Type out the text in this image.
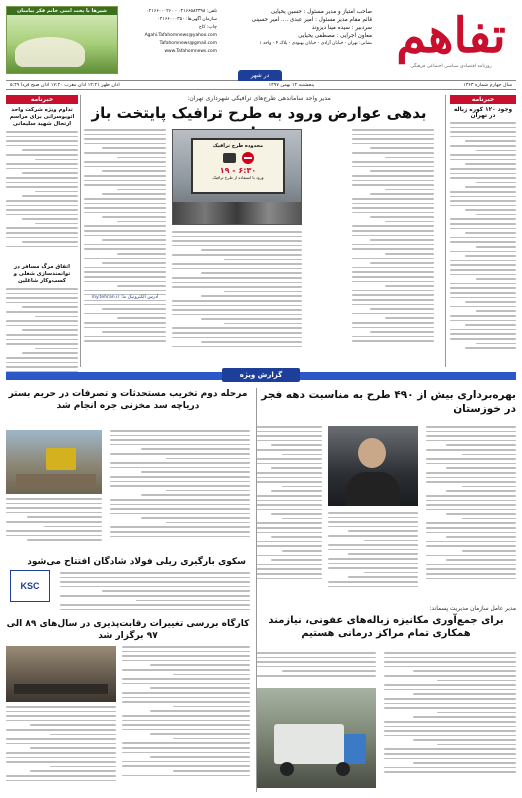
تفاهم
روزنامه اقتصادی سیاسی اجتماعی فرهنگی
صاحب امتیاز و مدیر مسئول : حسین یحیایی
قائم مقام مدیر مسئول : امیر عبدی .... امیر حسینی
سردبیر : سیده مینا دیزوند
معاون اجرایی : مصطفی یحیایی
نشانی: تهران - خیابان آزادی - خیابان بهبودی - پلاک ۴ - واحد ۱
تلفن: ۰۲۱۶۶۵۸۲۳۹۸ - ۰۲۱۶۶۰۰۰۲۶۰
سازمان آگهی‌ها: ۰۲۱۶۶۰۰۰۳۵۰
چاپ: کاج
Agahi.Tafahomnews@yahoo.com
Tafahomnews@gmail.com
www.Tafahomnews.com
شیرها با پخت امنی خانم فکر پیامتان
سال چهارم شماره ۱۳۶۳
پنجشنبه ۱۲ بهمن ۱۳۹۷
اذان ظهر ۱۲:۲۱ اذان مغرب ۱۷:۴۰ اذان صبح فردا ۵:۴۹
در شهر
خبرنامه
وجود ۱۲۰ کوره زباله در تهران
خبرنامه
تداوم ویژه شرکت واحد اتوبوسرانی برای مراسم ارتحال شهید سلیمانی
اتفاق مرگ مسافر در توانمندسازی شغلی و کسب‌وکار شاغلین
مدیر واحد ساماندهی طرح‌های ترافیکی شهرداری تهران:
بدهی عوارض ورود به طرح ترافیک پایتخت باز
محدوده طرح ترافیک
۶:۳۰ - ۱۹
ورود با استفاده از طرح ترافیک
آدرس الکترونیک ما: my.tehran.ir
گزارش ویژه
بهره‌برداری بیش از ۴۹۰ طرح به مناسبت دهه فجر در خوزستان
مرحله دوم تخریب مستحدثات و تصرفات در حریم بستر دریاچه سد مخزنی جره انجام شد
سکوی بارگیری ریلی فولاد شادگان افتتاح می‌شود
KSC
کارگاه بررسی تغییرات رقابت‌پذیری در سال‌های ۸۹ الی ۹۷ برگزار شد
مدیر عامل سازمان مدیریت پسماند:
برای جمع‌آوری مکانیزه زباله‌های عفونی، نیازمند همکاری تمام مراکز درمانی هستیم
